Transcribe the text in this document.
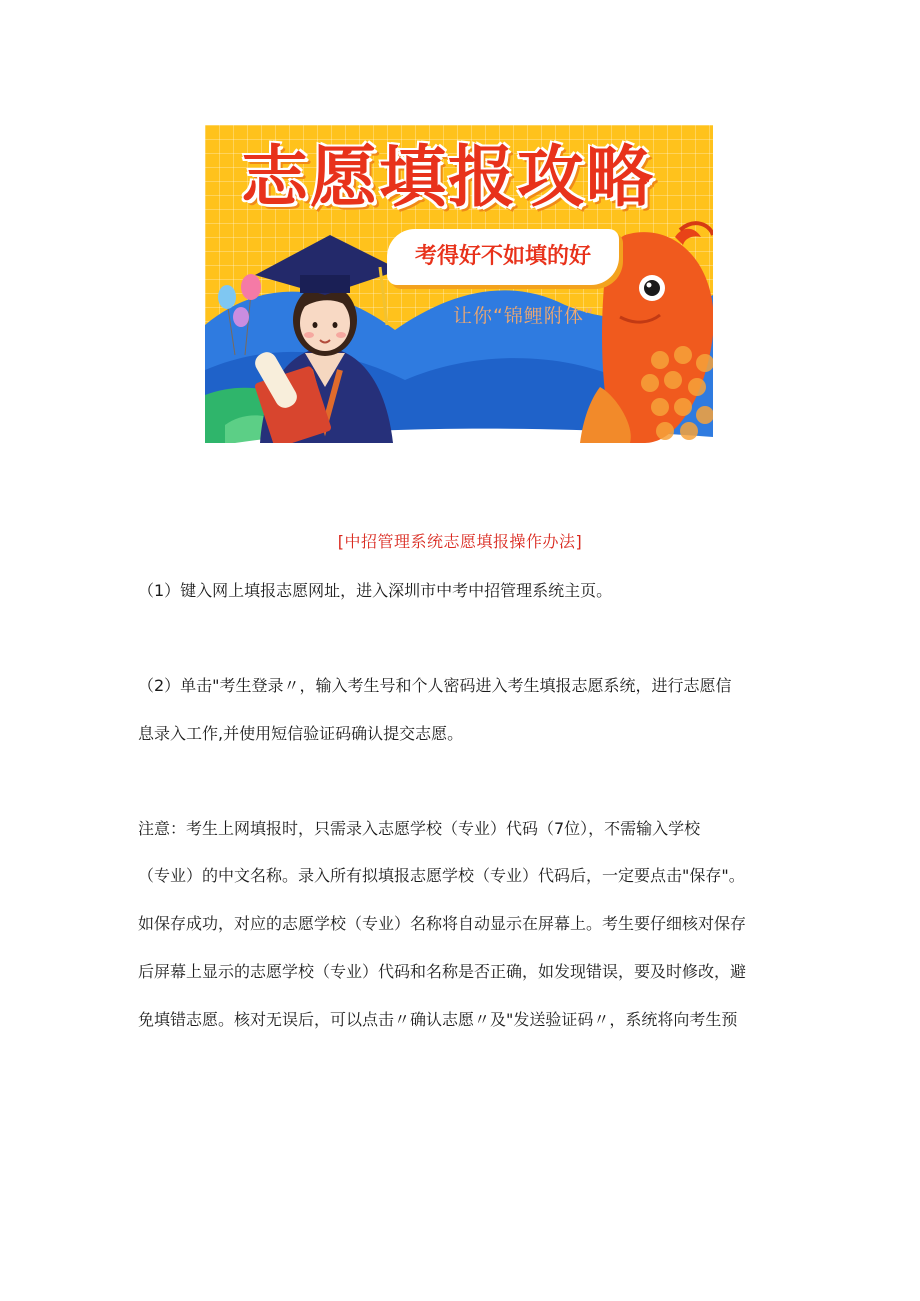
志愿填报攻略
考得好不如填的好
让你“锦鲤附体”
[中招管理系统志愿填报操作办法]
（1）键入网上填报志愿网址，进入深圳市中考中招管理系统主页。
（2）单击"考生登录〃，输入考生号和个人密码进入考生填报志愿系统，进行志愿信
息录入工作,并使用短信验证码确认提交志愿。
注意：考生上网填报时，只需录入志愿学校（专业）代码（7位），不需输入学校
（专业）的中文名称。录入所有拟填报志愿学校（专业）代码后，一定要点击"保存"。
如保存成功，对应的志愿学校（专业）名称将自动显示在屏幕上。考生要仔细核对保存
后屏幕上显示的志愿学校（专业）代码和名称是否正确，如发现错误，要及时修改，避
免填错志愿。核对无误后，可以点击〃确认志愿〃及"发送验证码〃，系统将向考生预
